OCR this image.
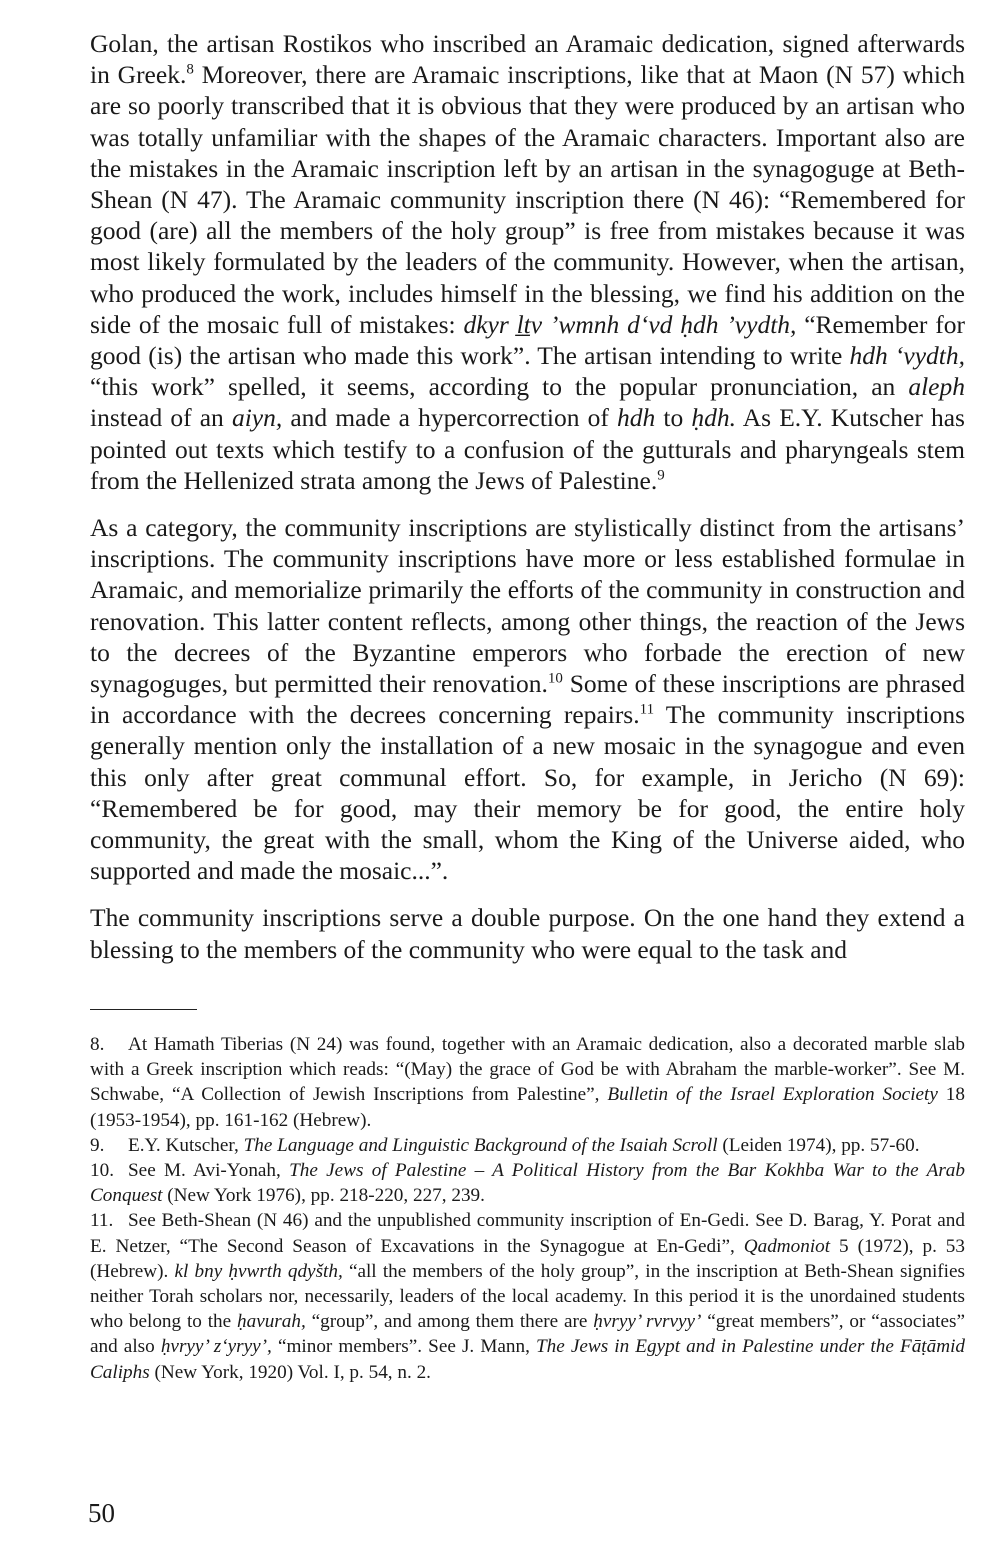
Golan, the artisan Rostikos who inscribed an Aramaic dedication, signed afterwards in Greek.$^8$ Moreover, there are Aramaic inscriptions, like that at Maon (N 57) which are so poorly transcribed that it is obvious that they were produced by an artisan who was totally unfamiliar with the shapes of the Aramaic characters. Important also are the mistakes in the Aramaic inscription left by an artisan in the synagoguge at Beth-Shean (N 47). The Aramaic community inscription there (N 46): “Remembered for good (are) all the members of the holy group” is free from mistakes because it was most likely formulated by the leaders of the community. However, when the artisan, who produced the work, includes himself in the blessing, we find his addition on the side of the mosaic full of mistakes: dkyr ḻṯv ’wmnh d‘vd ḥdh ’vydth, “Remember for good (is) the artisan who made this work”. The artisan intending to write hdh ‘vydth, “this work” spelled, it seems, according to the popular pronunciation, an aleph instead of an aiyn, and made a hypercorrection of hdh to ḥdh. As E.Y. Kutscher has pointed out texts which testify to a confusion of the gutturals and pharyngeals stem from the Hellenized strata among the Jews of Palestine.$^9$

As a category, the community inscriptions are stylistically distinct from the artisans’ inscriptions. The community inscriptions have more or less established formulae in Aramaic, and memorialize primarily the efforts of the community in construction and renovation. This latter content reflects, among other things, the reaction of the Jews to the decrees of the Byzantine emperors who forbade the erection of new synagoguges, but permitted their renovation.$^{10}$ Some of these inscriptions are phrased in accordance with the decrees concerning repairs.$^{11}$ The community inscriptions generally mention only the installation of a new mosaic in the synagogue and even this only after great communal effort. So, for example, in Jericho (N 69): “Remembered be for good, may their memory be for good, the entire holy community, the great with the small, whom the King of the Universe aided, who supported and made the mosaic...”.

The community inscriptions serve a double purpose. On the one hand they extend a blessing to the members of the community who were equal to the task and

8. At Hamath Tiberias (N 24) was found, together with an Aramaic dedication, also a decorated marble slab with a Greek inscription which reads: “(May) the grace of God be with Abraham the marble-worker”. See M. Schwabe, “A Collection of Jewish Inscriptions from Palestine”, Bulletin of the Israel Exploration Society 18 (1953-1954), pp. 161-162 (Hebrew).

9. E.Y. Kutscher, The Language and Linguistic Background of the Isaiah Scroll (Leiden 1974), pp. 57-60.

10. See M. Avi-Yonah, The Jews of Palestine – A Political History from the Bar Kokhba War to the Arab Conquest (New York 1976), pp. 218-220, 227, 239.

11. See Beth-Shean (N 46) and the unpublished community inscription of En-Gedi. See D. Barag, Y. Porat and E. Netzer, “The Second Season of Excavations in the Synagogue at En-Gedi”, Qadmoniot 5 (1972), p. 53 (Hebrew). kl bny ḥvwrth qdyšth, “all the members of the holy group”, in the inscription at Beth-Shean signifies neither Torah scholars nor, necessarily, leaders of the local academy. In this period it is the unordained students who belong to the ḥavurah, “group”, and among them there are ḥvryy’ rvrvyy’ “great members”, or “associates” and also ḥvryy’ z‘yryy’, “minor members”. See J. Mann, The Jews in Egypt and in Palestine under the Fāṭāmid Caliphs (New York, 1920) Vol. I, p. 54, n. 2.

50
